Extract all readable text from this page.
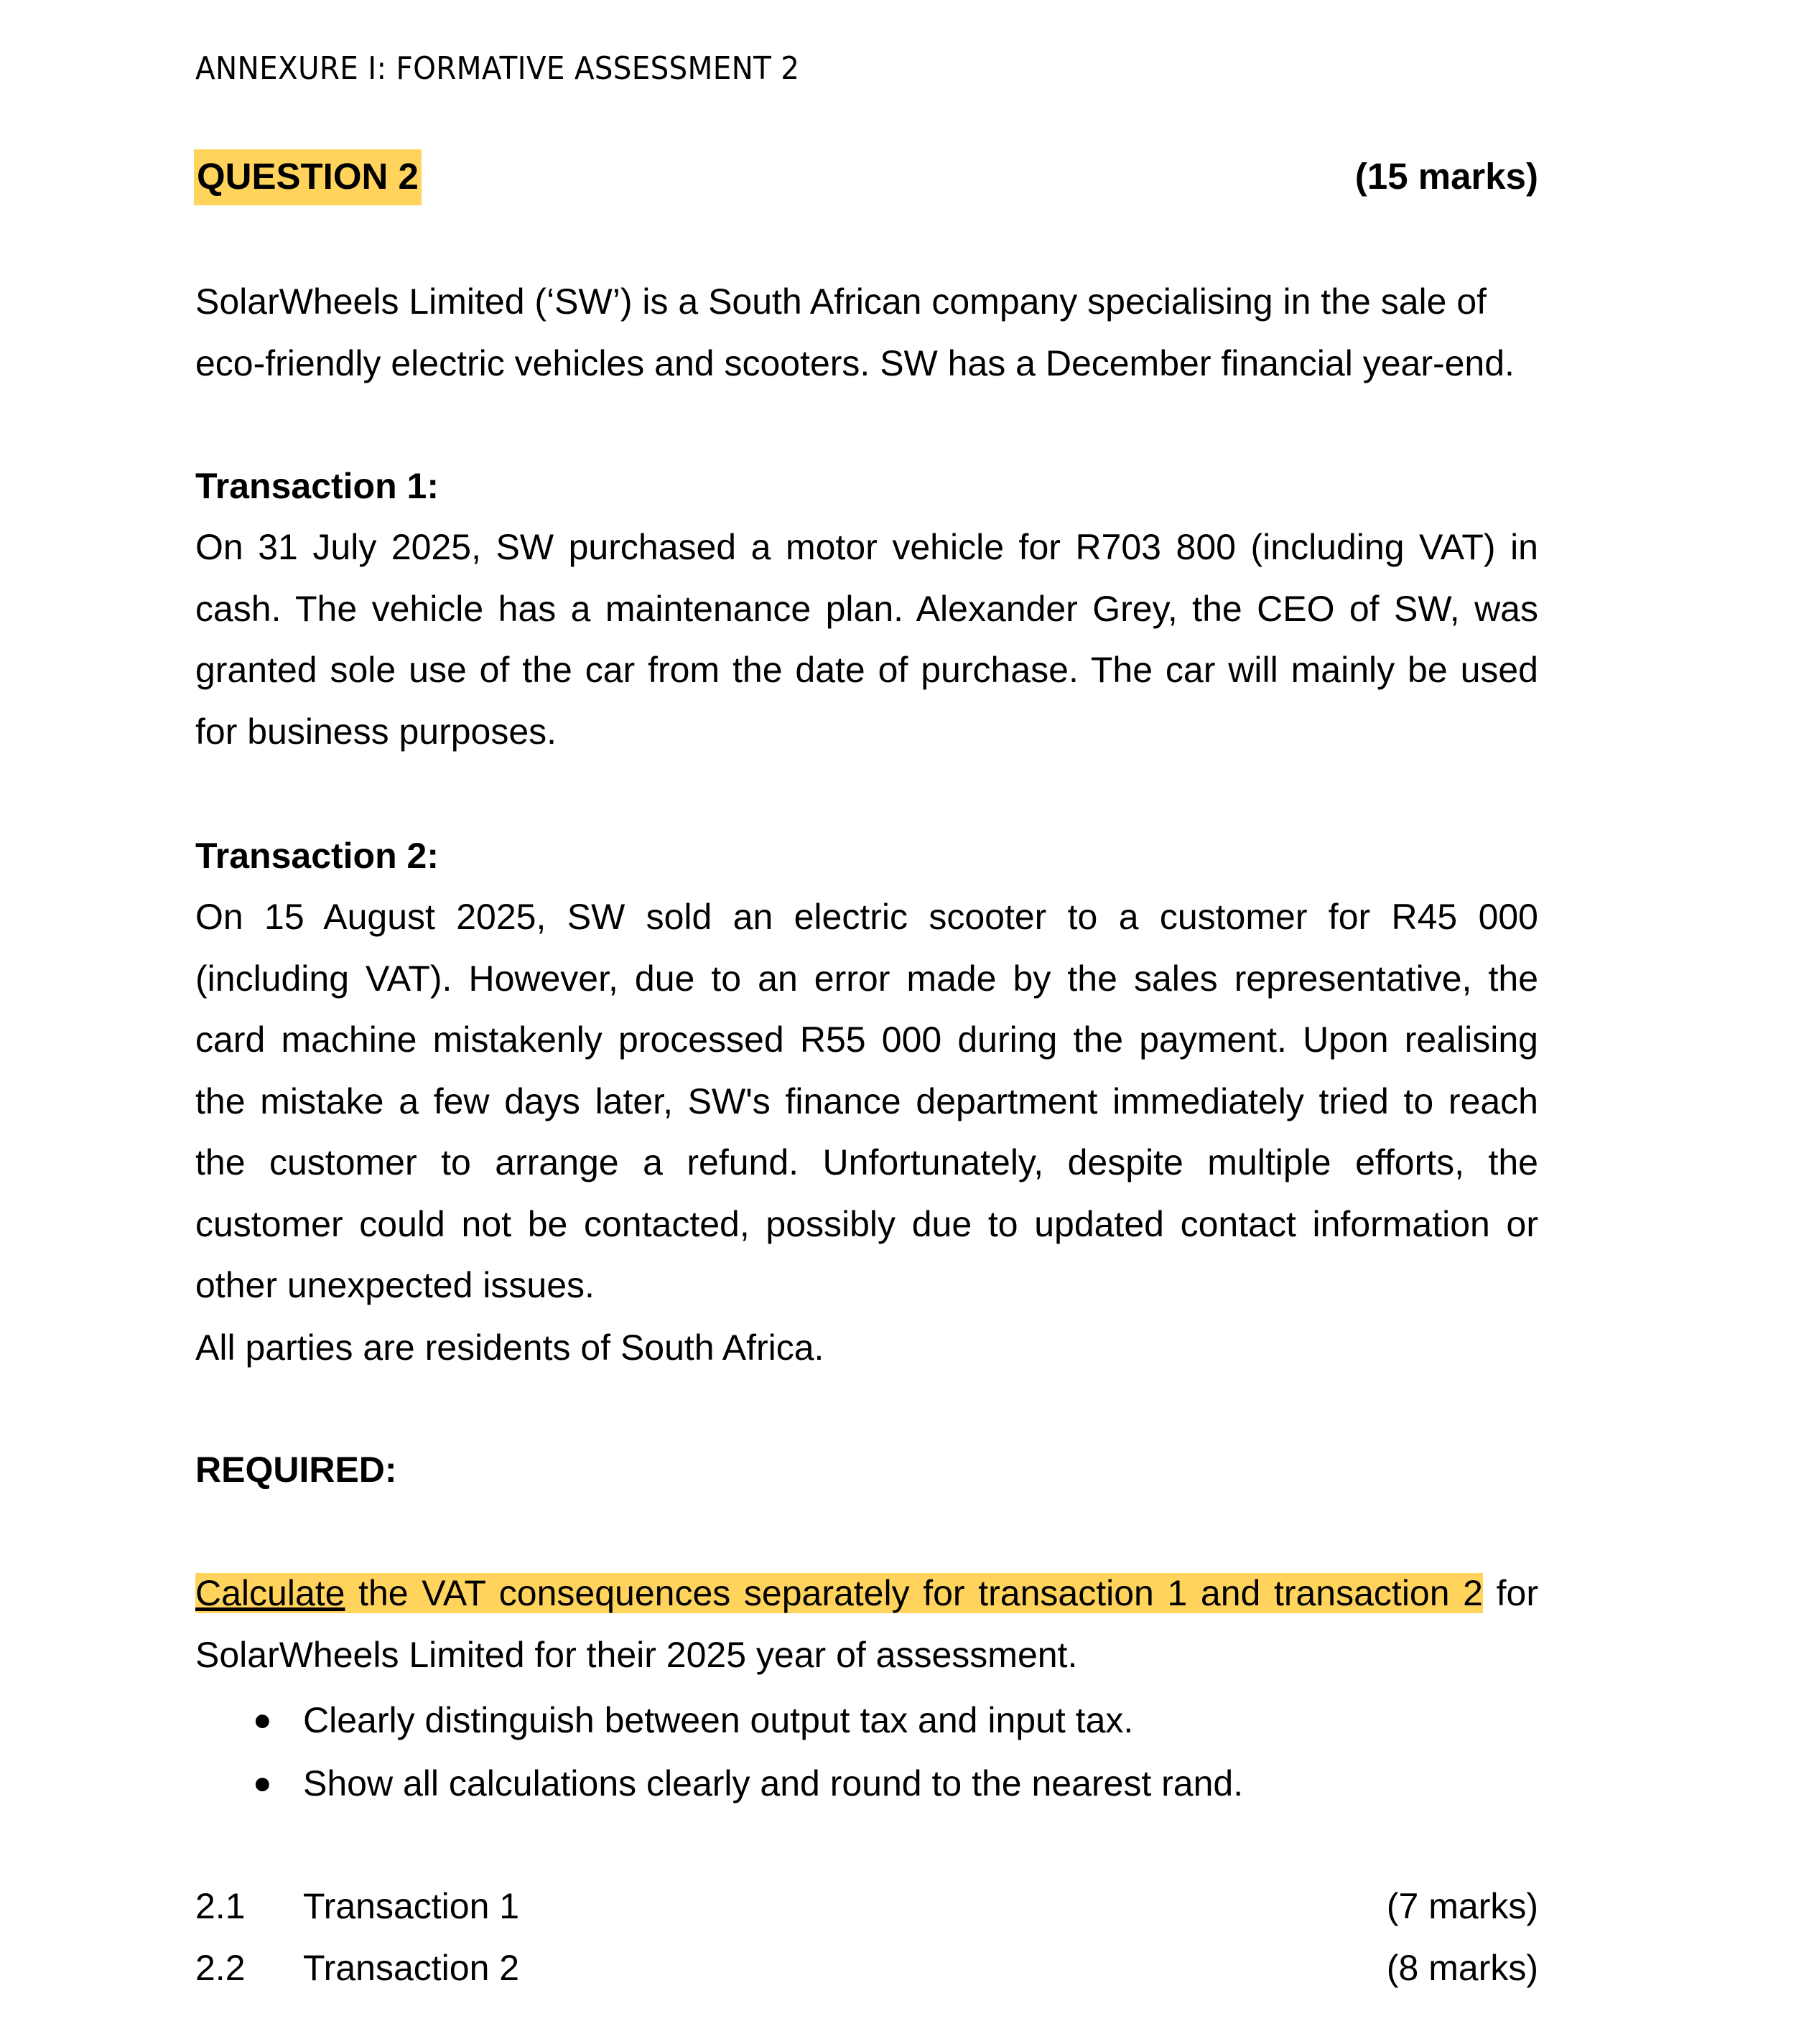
ANNEXURE I: FORMATIVE ASSESSMENT 2
QUESTION 2	(15 marks)
SolarWheels Limited (‘SW’) is a South African company specialising in the sale of eco-friendly electric vehicles and scooters. SW has a December financial year-end.
Transaction 1:
On 31 July 2025, SW purchased a motor vehicle for R703 800 (including VAT) in cash. The vehicle has a maintenance plan. Alexander Grey, the CEO of SW, was granted sole use of the car from the date of purchase. The car will mainly be used for business purposes.
Transaction 2:
On 15 August 2025, SW sold an electric scooter to a customer for R45 000 (including VAT). However, due to an error made by the sales representative, the card machine mistakenly processed R55 000 during the payment. Upon realising the mistake a few days later, SW's finance department immediately tried to reach the customer to arrange a refund. Unfortunately, despite multiple efforts, the customer could not be contacted, possibly due to updated contact information or other unexpected issues.
All parties are residents of South Africa.
REQUIRED:
Calculate the VAT consequences separately for transaction 1 and transaction 2 for SolarWheels Limited for their 2025 year of assessment.
● Clearly distinguish between output tax and input tax.
● Show all calculations clearly and round to the nearest rand.
2.1 Transaction 1	(7 marks)
2.2 Transaction 2	(8 marks)
